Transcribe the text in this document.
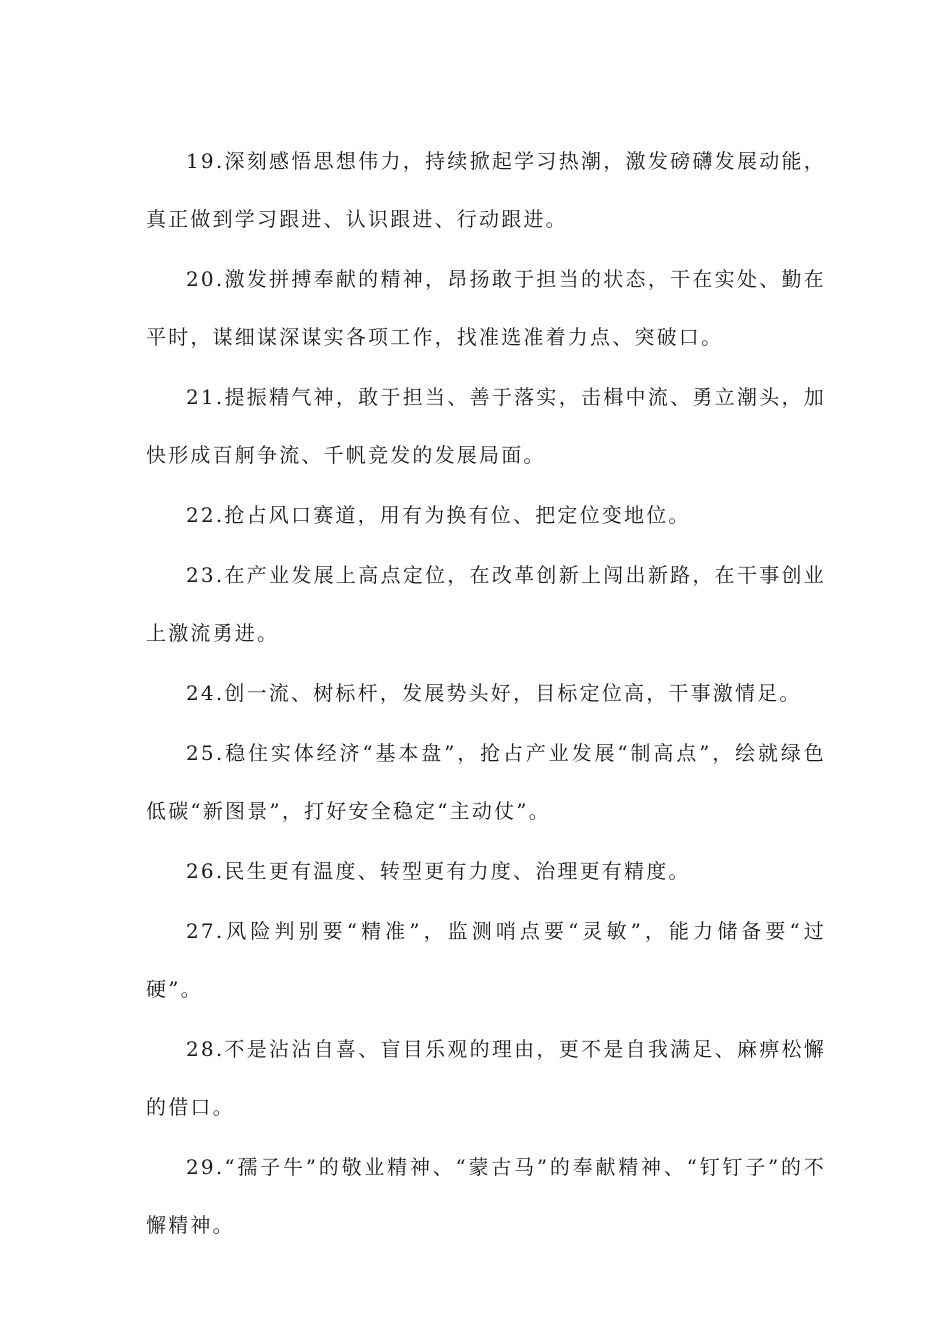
19.深刻感悟思想伟力，持续掀起学习热潮，激发磅礴发展动能，真正做到学习跟进、认识跟进、行动跟进。

20.激发拼搏奉献的精神，昂扬敢于担当的状态，干在实处、勤在平时，谋细谋深谋实各项工作，找准选准着力点、突破口。

21.提振精气神，敢于担当、善于落实，击楫中流、勇立潮头，加快形成百舸争流、千帆竞发的发展局面。

22.抢占风口赛道，用有为换有位、把定位变地位。

23.在产业发展上高点定位，在改革创新上闯出新路，在干事创业上激流勇进。

24.创一流、树标杆，发展势头好，目标定位高，干事激情足。

25.稳住实体经济“基本盘”，抢占产业发展“制高点”，绘就绿色低碳“新图景”，打好安全稳定“主动仗”。

26.民生更有温度、转型更有力度、治理更有精度。

27.风险判别要“精准”，监测哨点要“灵敏”，能力储备要“过硬”。

28.不是沾沾自喜、盲目乐观的理由，更不是自我满足、麻痹松懈的借口。

29.“孺子牛”的敬业精神、“蒙古马”的奉献精神、“钉钉子”的不懈精神。
